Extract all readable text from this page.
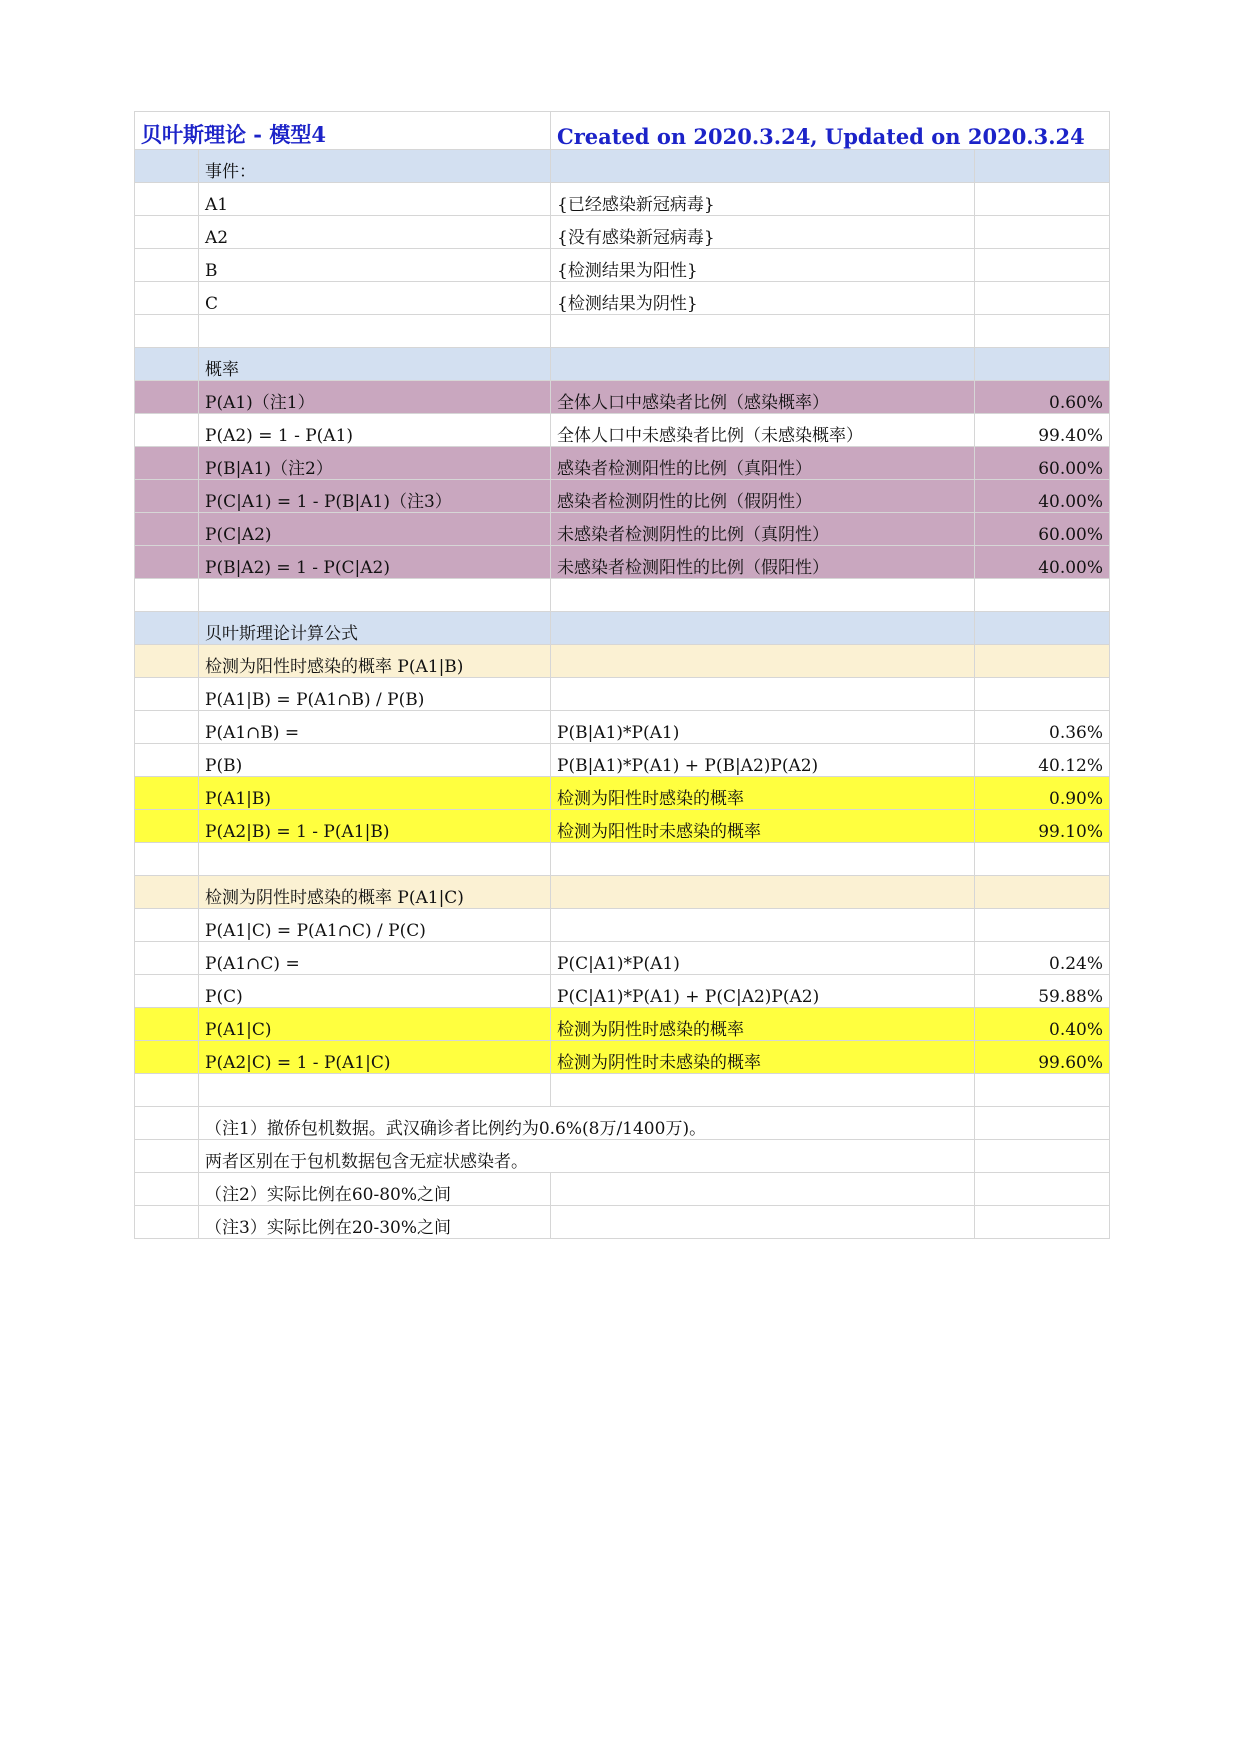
贝叶斯理论 - 模型4		Created on 2020.3.24, Updated on 2020.3.24	
	事件：		
	A1	{已经感染新冠病毒}	
	A2	{没有感染新冠病毒}	
	B	{检测结果为阳性}	
	C	{检测结果为阴性}	

	概率		
	P(A1)（注1）	全体人口中感染者比例（感染概率）	0.60%
	P(A2) = 1 - P(A1)	全体人口中未感染者比例（未感染概率）	99.40%
	P(B|A1)（注2）	感染者检测阳性的比例（真阳性）	60.00%
	P(C|A1) = 1 - P(B|A1)（注3）	感染者检测阴性的比例（假阴性）	40.00%
	P(C|A2)	未感染者检测阴性的比例（真阴性）	60.00%
	P(B|A2) = 1 - P(C|A2)	未感染者检测阳性的比例（假阳性）	40.00%

	贝叶斯理论计算公式		
	检测为阳性时感染的概率 P(A1|B)		
	P(A1|B) = P(A1∩B) / P(B)		
	P(A1∩B) =	P(B|A1)*P(A1)	0.36%
	P(B)	P(B|A1)*P(A1) + P(B|A2)P(A2)	40.12%
	P(A1|B)	检测为阳性时感染的概率	0.90%
	P(A2|B) = 1 - P(A1|B)	检测为阳性时未感染的概率	99.10%

	检测为阴性时感染的概率 P(A1|C)		
	P(A1|C) = P(A1∩C) / P(C)		
	P(A1∩C) =	P(C|A1)*P(A1)	0.24%
	P(C)	P(C|A1)*P(A1) + P(C|A2)P(A2)	59.88%
	P(A1|C)	检测为阴性时感染的概率	0.40%
	P(A2|C) = 1 - P(A1|C)	检测为阴性时未感染的概率	99.60%

	（注1）撤侨包机数据。武汉确诊者比例约为0.6%(8万/1400万)。		
	两者区别在于包机数据包含无症状感染者。		
	（注2）实际比例在60-80%之间		
	（注3）实际比例在20-30%之间		
